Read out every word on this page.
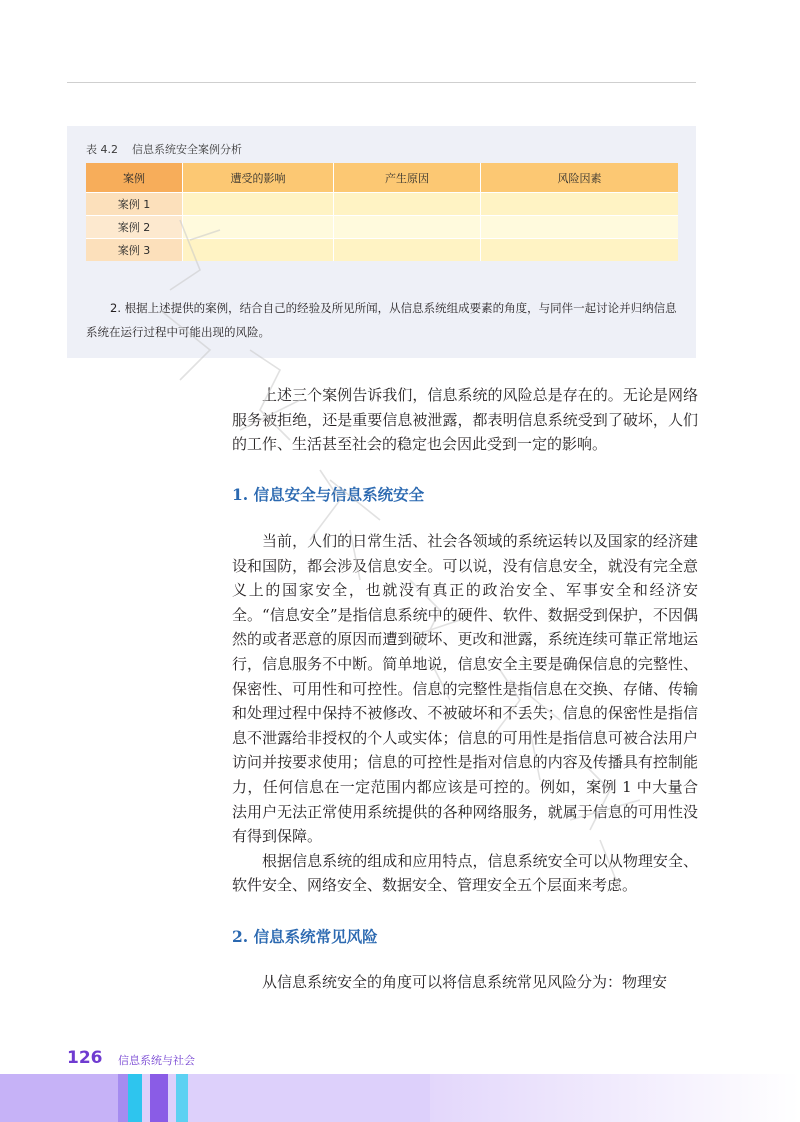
表 4.2 信息系统安全案例分析
案例	遭受的影响	产生原因	风险因素
案例 1			
案例 2			
案例 3			
2. 根据上述提供的案例，结合自己的经验及所见所闻，从信息系统组成要素的角度，与同伴一起讨论并归纳信息系统在运行过程中可能出现的风险。

上述三个案例告诉我们，信息系统的风险总是存在的。无论是网络服务被拒绝，还是重要信息被泄露，都表明信息系统受到了破坏，人们的工作、生活甚至社会的稳定也会因此受到一定的影响。

1. 信息安全与信息系统安全

当前，人们的日常生活、社会各领域的系统运转以及国家的经济建设和国防，都会涉及信息安全。可以说，没有信息安全，就没有完全意义上的国家安全，也就没有真正的政治安全、军事安全和经济安全。“信息安全”是指信息系统中的硬件、软件、数据受到保护，不因偶然的或者恶意的原因而遭到破坏、更改和泄露，系统连续可靠正常地运行，信息服务不中断。简单地说，信息安全主要是确保信息的完整性、保密性、可用性和可控性。信息的完整性是指信息在交换、存储、传输和处理过程中保持不被修改、不被破坏和不丢失；信息的保密性是指信息不泄露给非授权的个人或实体；信息的可用性是指信息可被合法用户访问并按要求使用；信息的可控性是指对信息的内容及传播具有控制能力，任何信息在一定范围内都应该是可控的。例如，案例 1 中大量合法用户无法正常使用系统提供的各种网络服务，就属于信息的可用性没有得到保障。

根据信息系统的组成和应用特点，信息系统安全可以从物理安全、软件安全、网络安全、数据安全、管理安全五个层面来考虑。

2. 信息系统常见风险

从信息系统安全的角度可以将信息系统常见风险分为：物理安

126 信息系统与社会
